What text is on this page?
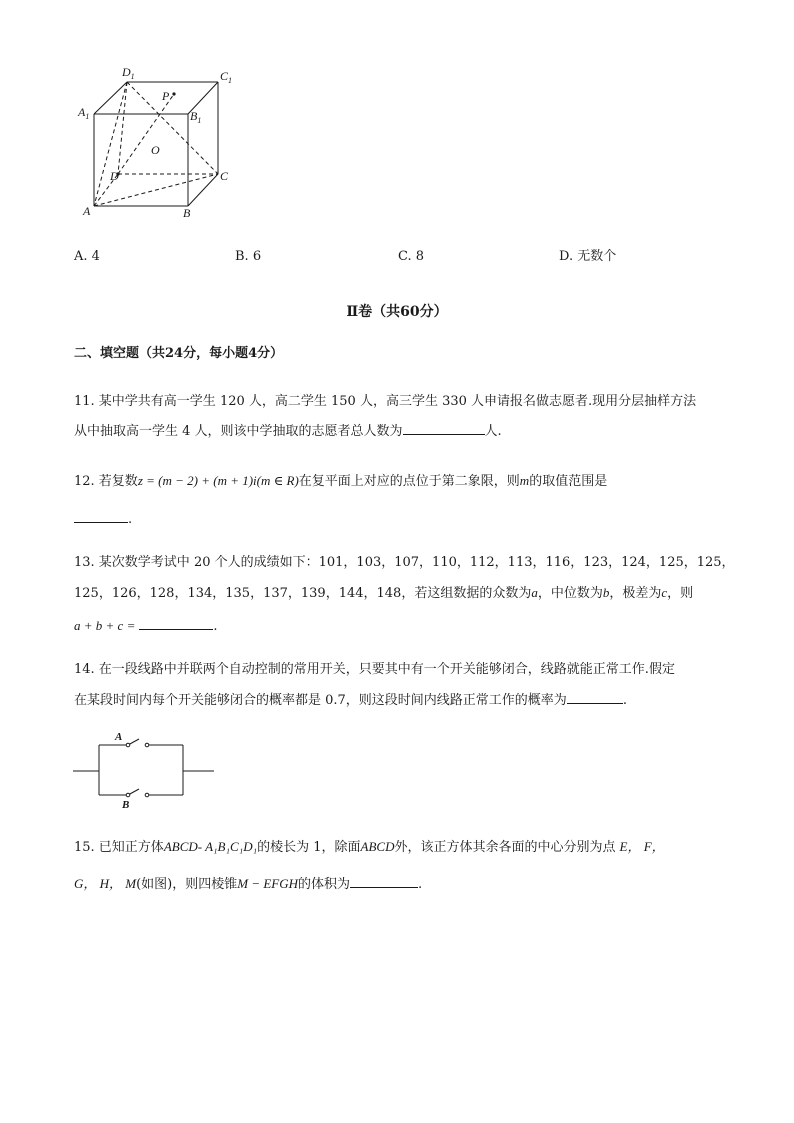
$D_1$	$C_1$
$A_1$	$B_1$
P
O
D	C
A	B
A. 4	B. 6	C. 8	D. 无数个
Ⅱ卷（共60分）
二、填空题（共24分，每小题4分）
11. 某中学共有高一学生 120 人，高二学生 150 人，高三学生 330 人申请报名做志愿者.现用分层抽样方法
从中抽取高一学生 4 人，则该中学抽取的志愿者总人数为	人.
12. 若复数z = (m − 2) + (m + 1)i(m ∈ R)在复平面上对应的点位于第二象限，则m的取值范围是
.
13. 某次数学考试中 20 个人的成绩如下：101，103，107，110，112，113，116，123，124，125，125，
125，126，128，134，135，137，139，144，148，若这组数据的众数为a，中位数为b，极差为c，则
a + b + c =	.
14. 在一段线路中并联两个自动控制的常用开关，只要其中有一个开关能够闭合，线路就能正常工作.假定
在某段时间内每个开关能够闭合的概率都是 0.7，则这段时间内线路正常工作的概率为	.
A
B
15. 已知正方体ABCD- A₁B₁C₁D₁的棱长为 1，除面ABCD外，该正方体其余各面的中心分别为点 E， F，
G， H， M(如图)，则四棱锥M − EFGH的体积为	.
